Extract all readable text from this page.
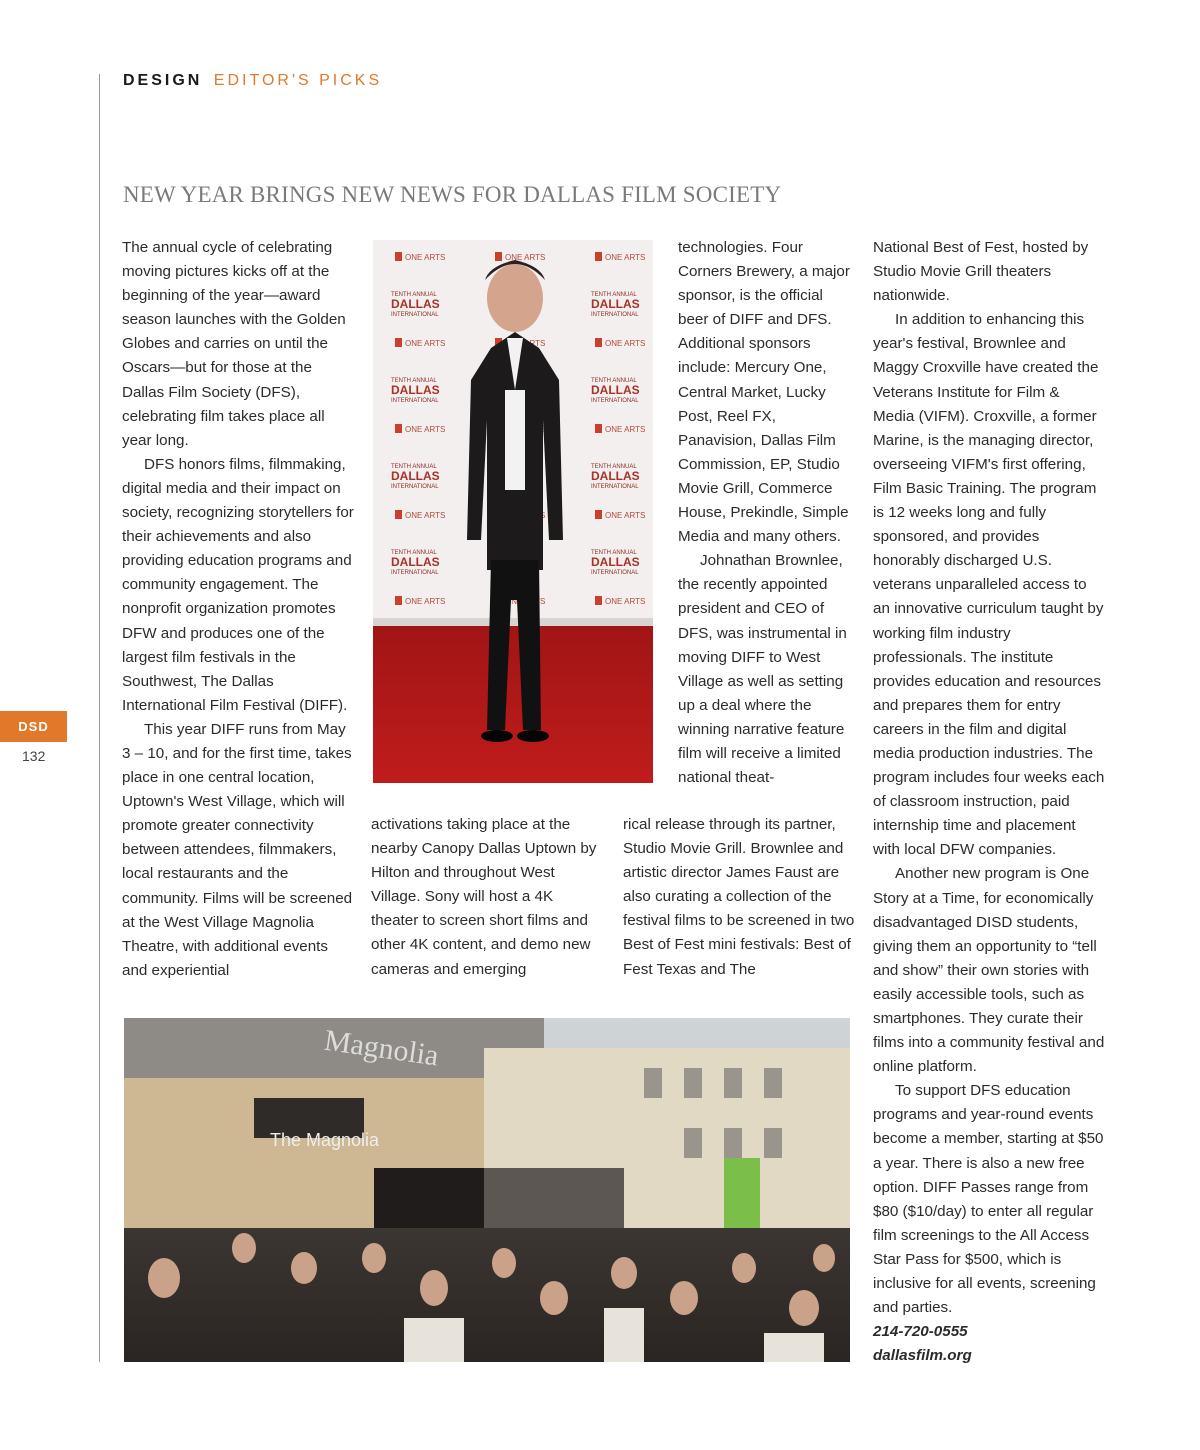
DESIGN EDITOR'S PICKS
NEW YEAR BRINGS NEW NEWS FOR DALLAS FILM SOCIETY
DSD
132

The annual cycle of celebrating moving pictures kicks off at the beginning of the year—award season launches with the Golden Globes and carries on until the Oscars—but for those at the Dallas Film Society (DFS), celebrating film takes place all year long.

DFS honors films, filmmaking, digital media and their impact on society, recognizing storytellers for their achievements and also providing education programs and community engagement. The nonprofit organization promotes DFW and produces one of the largest film festivals in the Southwest, The Dallas International Film Festival (DIFF).

This year DIFF runs from May 3 – 10, and for the first time, takes place in one central location, Uptown's West Village, which will promote greater connectivity between attendees, filmmakers, local restaurants and the community. Films will be screened at the West Village Magnolia Theatre, with additional events and experiential

technologies. Four Corners Brewery, a major sponsor, is the official beer of DIFF and DFS. Additional sponsors include: Mercury One, Central Market, Lucky Post, Reel FX, Panavision, Dallas Film Commission, EP, Studio Movie Grill, Commerce House, Prekindle, Simple Media and many others.

Johnathan Brownlee, the recently appointed president and CEO of DFS, was instrumental in moving DIFF to West Village as well as setting up a deal where the winning narrative feature film will receive a limited national theat-

activations taking place at the nearby Canopy Dallas Uptown by Hilton and throughout West Village. Sony will host a 4K theater to screen short films and other 4K content, and demo new cameras and emerging

rical release through its partner, Studio Movie Grill. Brownlee and artistic director James Faust are also curating a collection of the festival films to be screened in two Best of Fest mini festivals: Best of Fest Texas and The

National Best of Fest, hosted by Studio Movie Grill theaters nationwide.

In addition to enhancing this year's festival, Brownlee and Maggy Croxville have created the Veterans Institute for Film & Media (VIFM). Croxville, a former Marine, is the managing director, overseeing VIFM's first offering, Film Basic Training. The program is 12 weeks long and fully sponsored, and provides honorably discharged U.S. veterans unparalleled access to an innovative curriculum taught by working film industry professionals. The institute provides education and resources and prepares them for entry careers in the film and digital media production industries. The program includes four weeks each of classroom instruction, paid internship time and placement with local DFW companies.

Another new program is One Story at a Time, for economically disadvantaged DISD students, giving them an opportunity to “tell and show” their own stories with easily accessible tools, such as smartphones. They curate their films into a community festival and online platform.

To support DFS education programs and year-round events become a member, starting at $50 a year. There is also a new free option. DIFF Passes range from $80 ($10/day) to enter all regular film screenings to the All Access Star Pass for $500, which is inclusive for all events, screening and parties.

214-720-0555

dallasfilm.org

Magnolia
The Magnolia
